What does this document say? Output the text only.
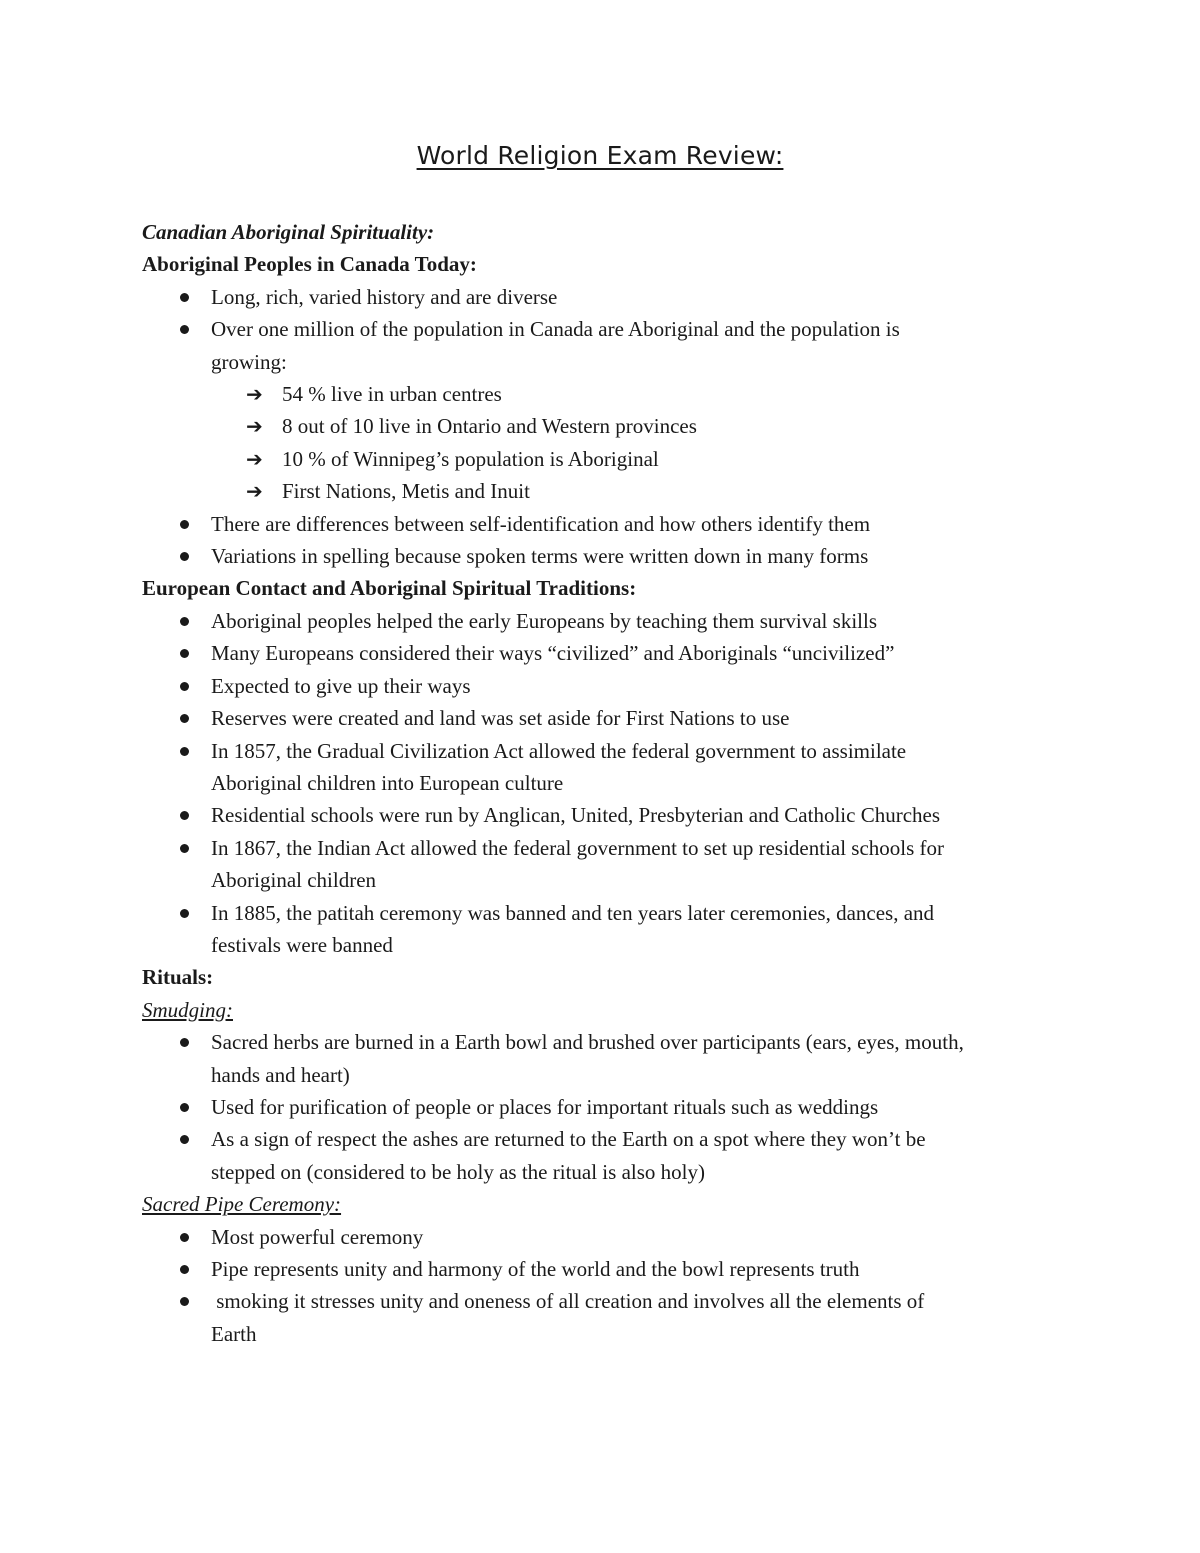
World Religion Exam Review:
Canadian Aboriginal Spirituality:
Aboriginal Peoples in Canada Today:
Long, rich, varied history and are diverse
Over one million of the population in Canada are Aboriginal and the population is
growing:
➔ 54 % live in urban centres
➔ 8 out of 10 live in Ontario and Western provinces
➔ 10 % of Winnipeg’s population is Aboriginal
➔ First Nations, Metis and Inuit
There are differences between self-identification and how others identify them
Variations in spelling because spoken terms were written down in many forms
European Contact and Aboriginal Spiritual Traditions:
Aboriginal peoples helped the early Europeans by teaching them survival skills
Many Europeans considered their ways “civilized” and Aboriginals “uncivilized”
Expected to give up their ways
Reserves were created and land was set aside for First Nations to use
In 1857, the Gradual Civilization Act allowed the federal government to assimilate
Aboriginal children into European culture
Residential schools were run by Anglican, United, Presbyterian and Catholic Churches
In 1867, the Indian Act allowed the federal government to set up residential schools for
Aboriginal children
In 1885, the patitah ceremony was banned and ten years later ceremonies, dances, and
festivals were banned
Rituals:
Smudging:
Sacred herbs are burned in a Earth bowl and brushed over participants (ears, eyes, mouth,
hands and heart)
Used for purification of people or places for important rituals such as weddings
As a sign of respect the ashes are returned to the Earth on a spot where they won’t be
stepped on (considered to be holy as the ritual is also holy)
Sacred Pipe Ceremony:
Most powerful ceremony
Pipe represents unity and harmony of the world and the bowl represents truth
smoking it stresses unity and oneness of all creation and involves all the elements of
Earth
